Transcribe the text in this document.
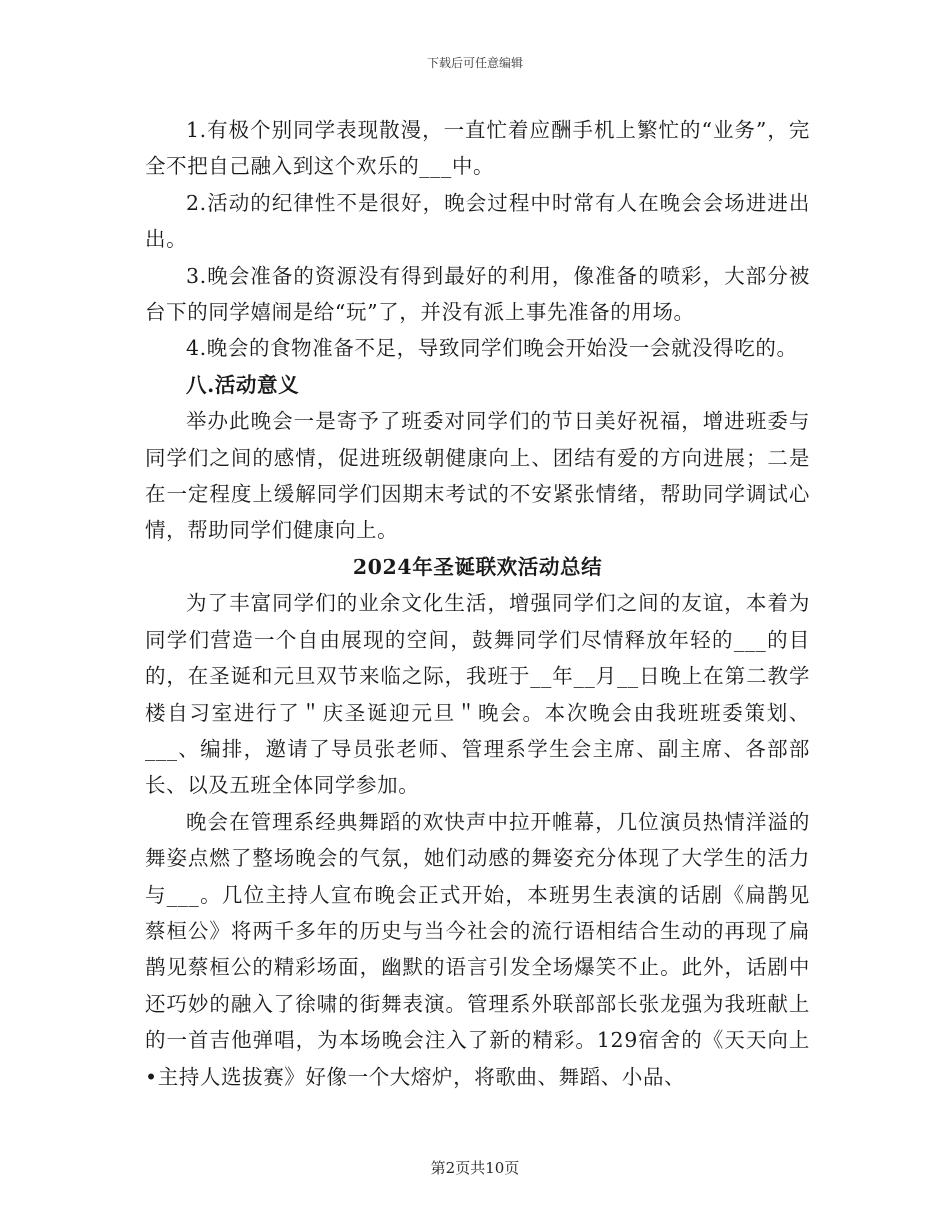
下载后可任意编辑

1.有极个别同学表现散漫，一直忙着应酬手机上繁忙的“业务”，完全不把自己融入到这个欢乐的___中。

2.活动的纪律性不是很好，晚会过程中时常有人在晚会会场进进出出。

3.晚会准备的资源没有得到最好的利用，像准备的喷彩，大部分被台下的同学嬉闹是给“玩”了，并没有派上事先准备的用场。

4.晚会的食物准备不足，导致同学们晚会开始没一会就没得吃的。

八.活动意义

举办此晚会一是寄予了班委对同学们的节日美好祝福，增进班委与同学们之间的感情，促进班级朝健康向上、团结有爱的方向进展；二是在一定程度上缓解同学们因期末考试的不安紧张情绪，帮助同学调试心情，帮助同学们健康向上。

2024年圣诞联欢活动总结

为了丰富同学们的业余文化生活，增强同学们之间的友谊，本着为同学们营造一个自由展现的空间，鼓舞同学们尽情释放年轻的___的目的，在圣诞和元旦双节来临之际，我班于__年__月__日晚上在第二教学楼自习室进行了＂庆圣诞迎元旦＂晚会。本次晚会由我班班委策划、___、编排，邀请了导员张老师、管理系学生会主席、副主席、各部部长、以及五班全体同学参加。

晚会在管理系经典舞蹈的欢快声中拉开帷幕，几位演员热情洋溢的舞姿点燃了整场晚会的气氛，她们动感的舞姿充分体现了大学生的活力与___。几位主持人宣布晚会正式开始，本班男生表演的话剧《扁鹊见蔡桓公》将两千多年的历史与当今社会的流行语相结合生动的再现了扁鹊见蔡桓公的精彩场面，幽默的语言引发全场爆笑不止。此外，话剧中还巧妙的融入了徐啸的街舞表演。管理系外联部部长张龙强为我班献上的一首吉他弹唱，为本场晚会注入了新的精彩。129宿舍的《天天向上•主持人选拔赛》好像一个大熔炉，将歌曲、舞蹈、小品、

第2页共10页
